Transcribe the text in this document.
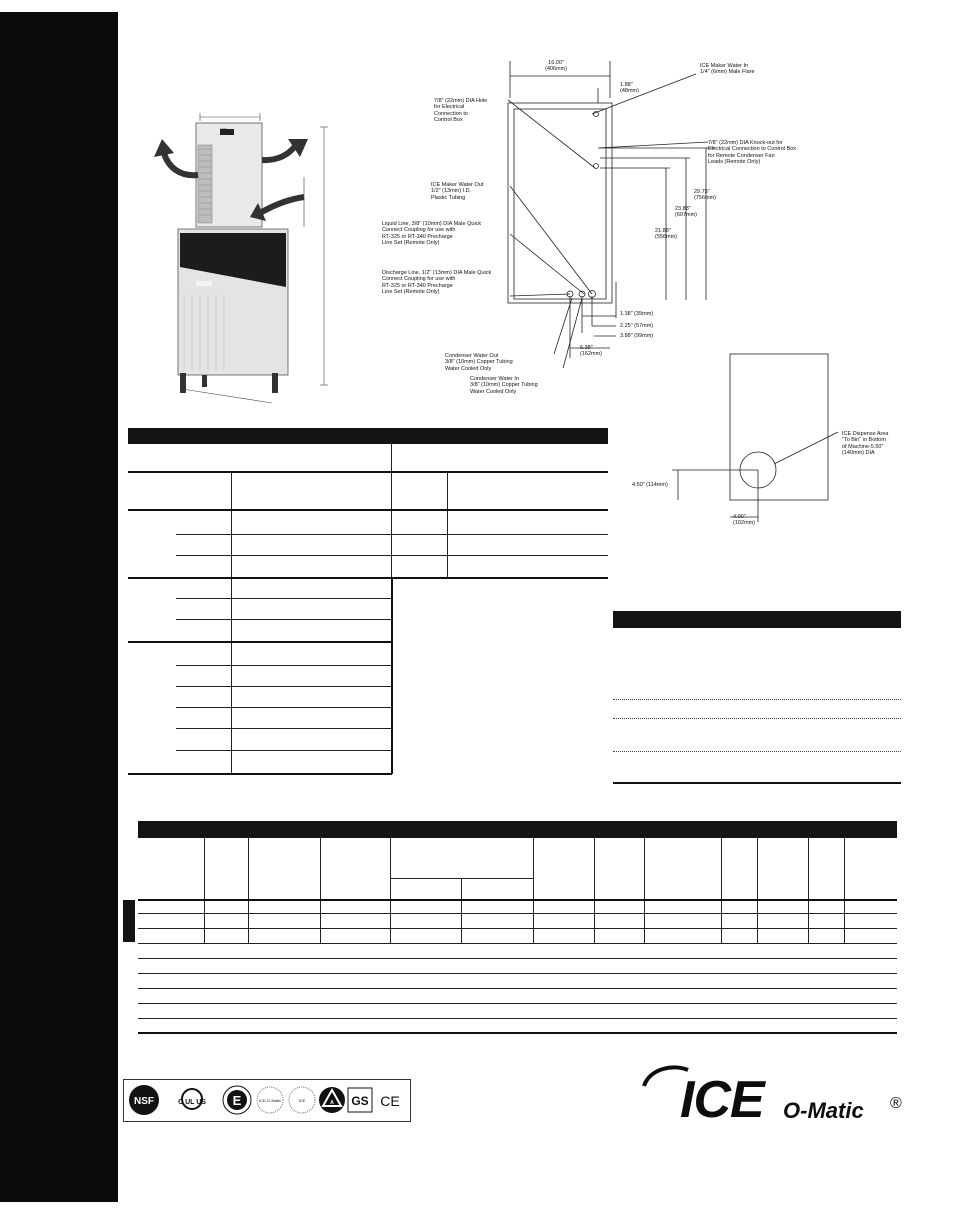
ICE
16.00"
(406mm)
1.88"
(48mm)
ICE Maker Water In
1/4" (6mm) Male Flare
7/8" (22mm) DIA Hole
for Electrical
Connection to
Control Box
7/8" (22mm) DIA Knock-out for
Electrical Connection to Control Box
for Remote Condenser Fan
Leads (Remote Only)
29.75"
(756mm)
23.88"
(607mm)
21.88"
(556mm)
ICE Maker Water Out
1/2" (13mm) I.D.
Plastic Tubing
Liquid Line, 3/8" (10mm) DIA Male Quick
Connect Coupling for use with
RT-325 or RT-340 Precharge
Line Set (Remote Only)
Discharge Line, 1/2" (13mm) DIA Male Quick
Connect Coupling for use with
RT-325 or RT-340 Precharge
Line Set (Remote Only)
1.38" (35mm)
2.25" (57mm)
3.88" (99mm)
6.38"
(162mm)
Condenser Water Out
3/8" (10mm) Copper Tubing
Water Cooled Only
Condenser Water In
3/8" (10mm) Copper Tubing
Water Cooled Only
ICE Dispense Area
"To Bin" in Bottom
of Machine-5.50"
(140mm) DIA
4.50" (114mm)
4.00"
(102mm)
NSF	C UL US E	ICE-O-Matic	ICE	A GS CE	ICE O-Matic ®
